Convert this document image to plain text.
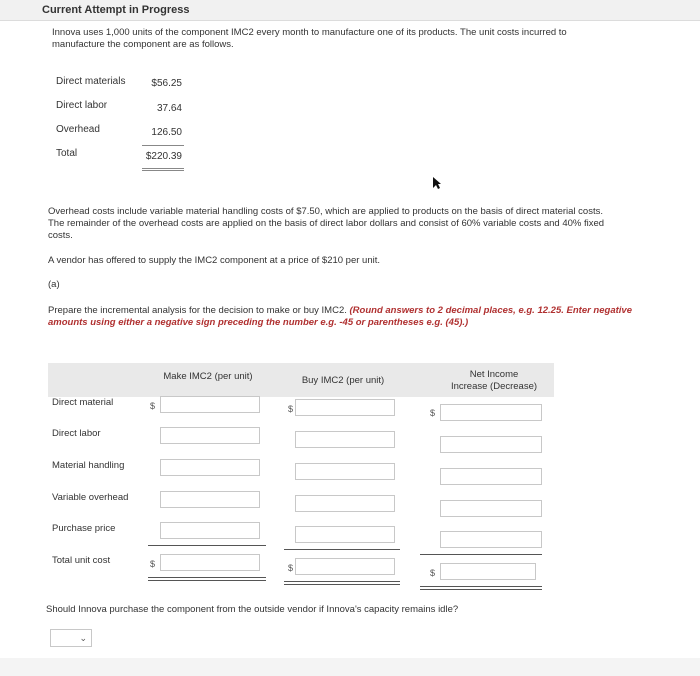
Current Attempt in Progress
Innova uses 1,000 units of the component IMC2 every month to manufacture one of its products. The unit costs incurred to
manufacture the component are as follows.
Direct materials	$56.25
Direct labor	37.64
Overhead	126.50
Total	$220.39
Overhead costs include variable material handling costs of $7.50, which are applied to products on the basis of direct material costs.
The remainder of the overhead costs are applied on the basis of direct labor dollars and consist of 60% variable costs and 40% fixed
costs.
A vendor has offered to supply the IMC2 component at a price of $210 per unit.
(a)
Prepare the incremental analysis for the decision to make or buy IMC2. (Round answers to 2 decimal places, e.g. 12.25. Enter negative
amounts using either a negative sign preceding the number e.g. -45 or parentheses e.g. (45).)
Make IMC2 (per unit)	Buy IMC2 (per unit)
Net Income
Increase (Decrease)
Direct material	$	$	$
Direct labor
Material handling
Variable overhead
Purchase price
Total unit cost	$	$	$
Should Innova purchase the component from the outside vendor if Innova's capacity remains idle?
⌄
